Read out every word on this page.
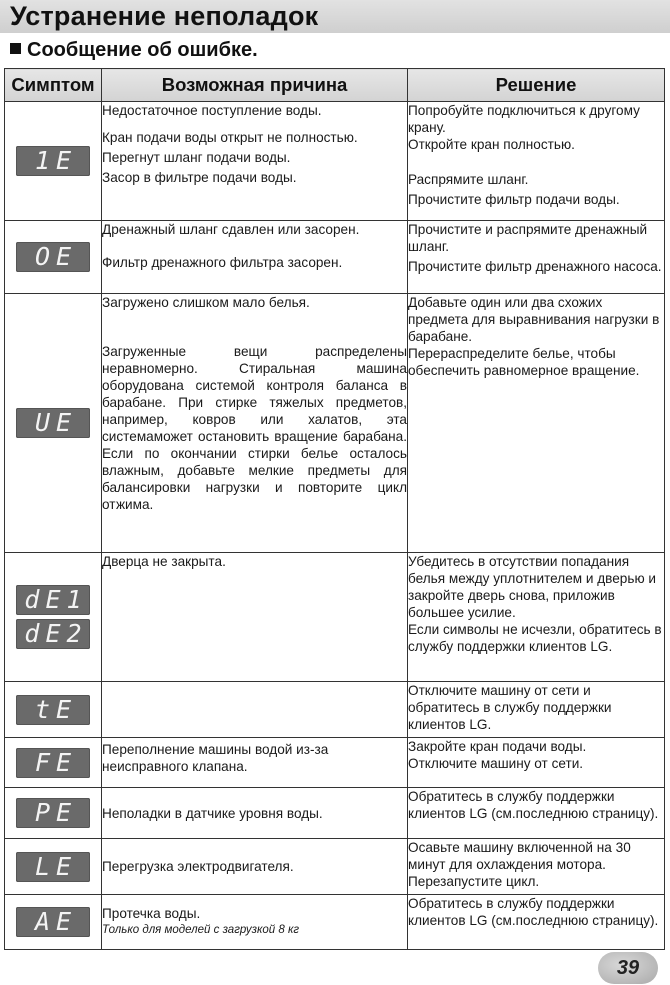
Устранение неполадок
Сообщение об ошибке.
Симптом	Возможная причина	Решение
1E	Недостаточное поступление воды.
Кран подачи воды открыт не полностью.
Перегнут шланг подачи воды.
Засор в фильтре подачи воды.	Попробуйте подключиться к другому крану.
Откройте кран полностью.
Распрямите шланг.
Прочистите фильтр подачи воды.

OE	Дренажный шланг сдавлен или засорен.
Фильтр дренажного фильтра засорен.	Прочистите и распрямите дренажный шланг.
Прочистите фильтр дренажного насоса.

UE	Загружено слишком мало белья.
Загруженные вещи распределены неравномерно. Стиральная машина оборудована системой контроля баланса в барабане. При стирке тяжелых предметов, например, ковров или халатов, эта системаможет остановить вращение барабана. Если по окончании стирки белье осталось влажным, добавьте мелкие предметы для балансировки нагрузки и повторите цикл отжима.	Добавьте один или два схожих предмета для выравнивания нагрузки в барабане.
Перераспределите белье, чтобы обеспечить равномерное вращение.

dE1
dE2	Дверца не закрыта.	Убедитесь в отсутствии попадания белья между уплотнителем и дверью и закройте дверь снова, приложив большее усилие.
Если символы не исчезли, обратитесь в службу поддержки клиентов LG.

tE		Отключите машину от сети и обратитесь в службу поддержки клиентов LG.

FE	Переполнение машины водой из-за неисправного клапана.	Закройте кран подачи воды.
Отключите машину от сети.

PE	Неполадки в датчике уровня воды.	Обратитесь в службу поддержки клиентов LG (см.последнюю страницу).

LE	Перегрузка электродвигателя.	Осавьте машину включенной на 30 минут для охлаждения мотора.
Перезапустите цикл.

AE	Протечка воды.
Только для моделей с загрузкой 8 кг	Обратитесь в службу поддержки клиентов LG (см.последнюю страницу).
39
